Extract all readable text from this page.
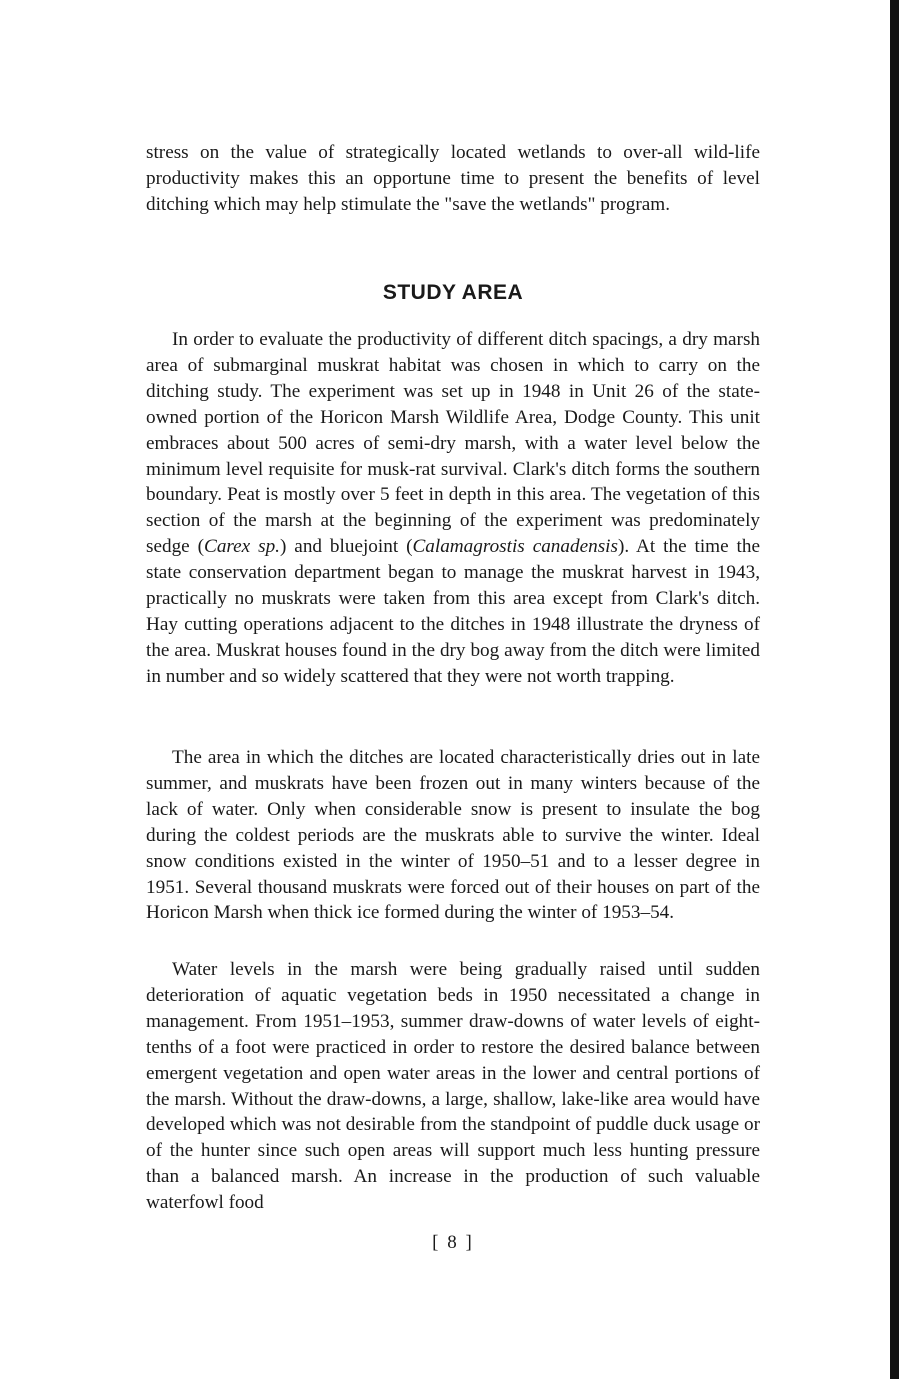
stress on the value of strategically located wetlands to over-all wild-life productivity makes this an opportune time to present the benefits of level ditching which may help stimulate the "save the wetlands" program.

STUDY AREA

In order to evaluate the productivity of different ditch spacings, a dry marsh area of submarginal muskrat habitat was chosen in which to carry on the ditching study. The experiment was set up in 1948 in Unit 26 of the state-owned portion of the Horicon Marsh Wildlife Area, Dodge County. This unit embraces about 500 acres of semi-dry marsh, with a water level below the minimum level requisite for musk-rat survival. Clark's ditch forms the southern boundary. Peat is mostly over 5 feet in depth in this area. The vegetation of this section of the marsh at the beginning of the experiment was predominately sedge (Carex sp.) and bluejoint (Calamagrostis canadensis). At the time the state conservation department began to manage the muskrat harvest in 1943, practically no muskrats were taken from this area except from Clark's ditch. Hay cutting operations adjacent to the ditches in 1948 illustrate the dryness of the area. Muskrat houses found in the dry bog away from the ditch were limited in number and so widely scattered that they were not worth trapping.

The area in which the ditches are located characteristically dries out in late summer, and muskrats have been frozen out in many winters because of the lack of water. Only when considerable snow is present to insulate the bog during the coldest periods are the muskrats able to survive the winter. Ideal snow conditions existed in the winter of 1950–51 and to a lesser degree in 1951. Several thousand muskrats were forced out of their houses on part of the Horicon Marsh when thick ice formed during the winter of 1953–54.

Water levels in the marsh were being gradually raised until sudden deterioration of aquatic vegetation beds in 1950 necessitated a change in management. From 1951–1953, summer draw-downs of water levels of eight-tenths of a foot were practiced in order to restore the desired balance between emergent vegetation and open water areas in the lower and central portions of the marsh. Without the draw-downs, a large, shallow, lake-like area would have developed which was not desirable from the standpoint of puddle duck usage or of the hunter since such open areas will support much less hunting pressure than a balanced marsh. An increase in the production of such valuable waterfowl food

[ 8 ]
